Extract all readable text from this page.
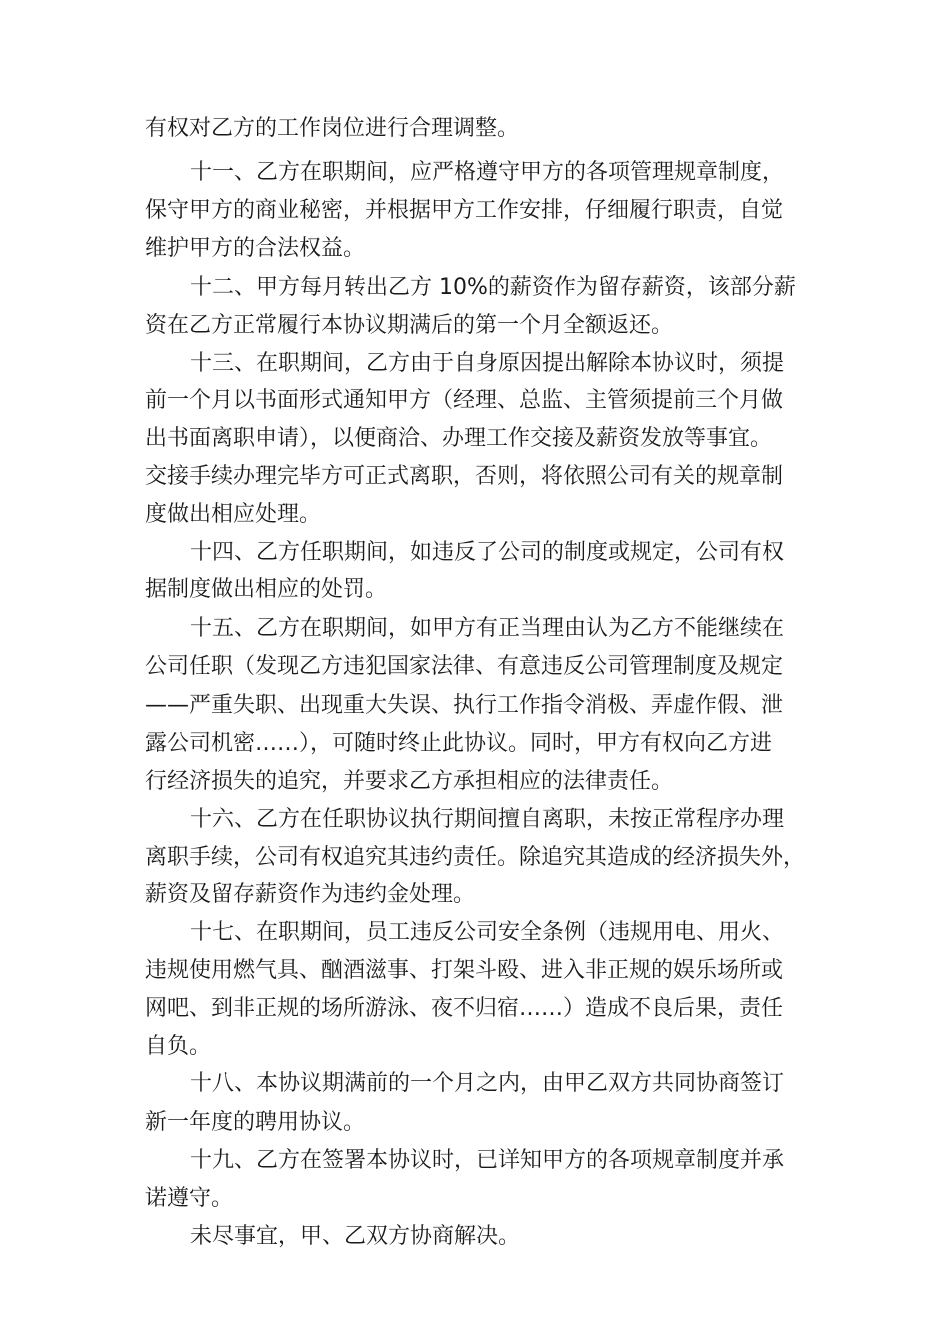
有权对乙方的工作岗位进行合理调整。
十一、乙方在职期间，应严格遵守甲方的各项管理规章制度，
保守甲方的商业秘密，并根据甲方工作安排，仔细履行职责，自觉
维护甲方的合法权益。
十二、甲方每月转出乙方 10%的薪资作为留存薪资，该部分薪
资在乙方正常履行本协议期满后的第一个月全额返还。
十三、在职期间，乙方由于自身原因提出解除本协议时，须提
前一个月以书面形式通知甲方（经理、总监、主管须提前三个月做
出书面离职申请），以便商洽、办理工作交接及薪资发放等事宜。
交接手续办理完毕方可正式离职，否则，将依照公司有关的规章制
度做出相应处理。
十四、乙方任职期间，如违反了公司的制度或规定，公司有权
据制度做出相应的处罚。
十五、乙方在职期间，如甲方有正当理由认为乙方不能继续在
公司任职（发现乙方违犯国家法律、有意违反公司管理制度及规定
——严重失职、出现重大失误、执行工作指令消极、弄虚作假、泄
露公司机密……），可随时终止此协议。同时，甲方有权向乙方进
行经济损失的追究，并要求乙方承担相应的法律责任。
十六、乙方在任职协议执行期间擅自离职，未按正常程序办理
离职手续，公司有权追究其违约责任。除追究其造成的经济损失外，
薪资及留存薪资作为违约金处理。
十七、在职期间，员工违反公司安全条例（违规用电、用火、
违规使用燃气具、酗酒滋事、打架斗殴、进入非正规的娱乐场所或
网吧、到非正规的场所游泳、夜不归宿……）造成不良后果，责任
自负。
十八、本协议期满前的一个月之内，由甲乙双方共同协商签订
新一年度的聘用协议。
十九、乙方在签署本协议时，已详知甲方的各项规章制度并承
诺遵守。
未尽事宜，甲、乙双方协商解决。
